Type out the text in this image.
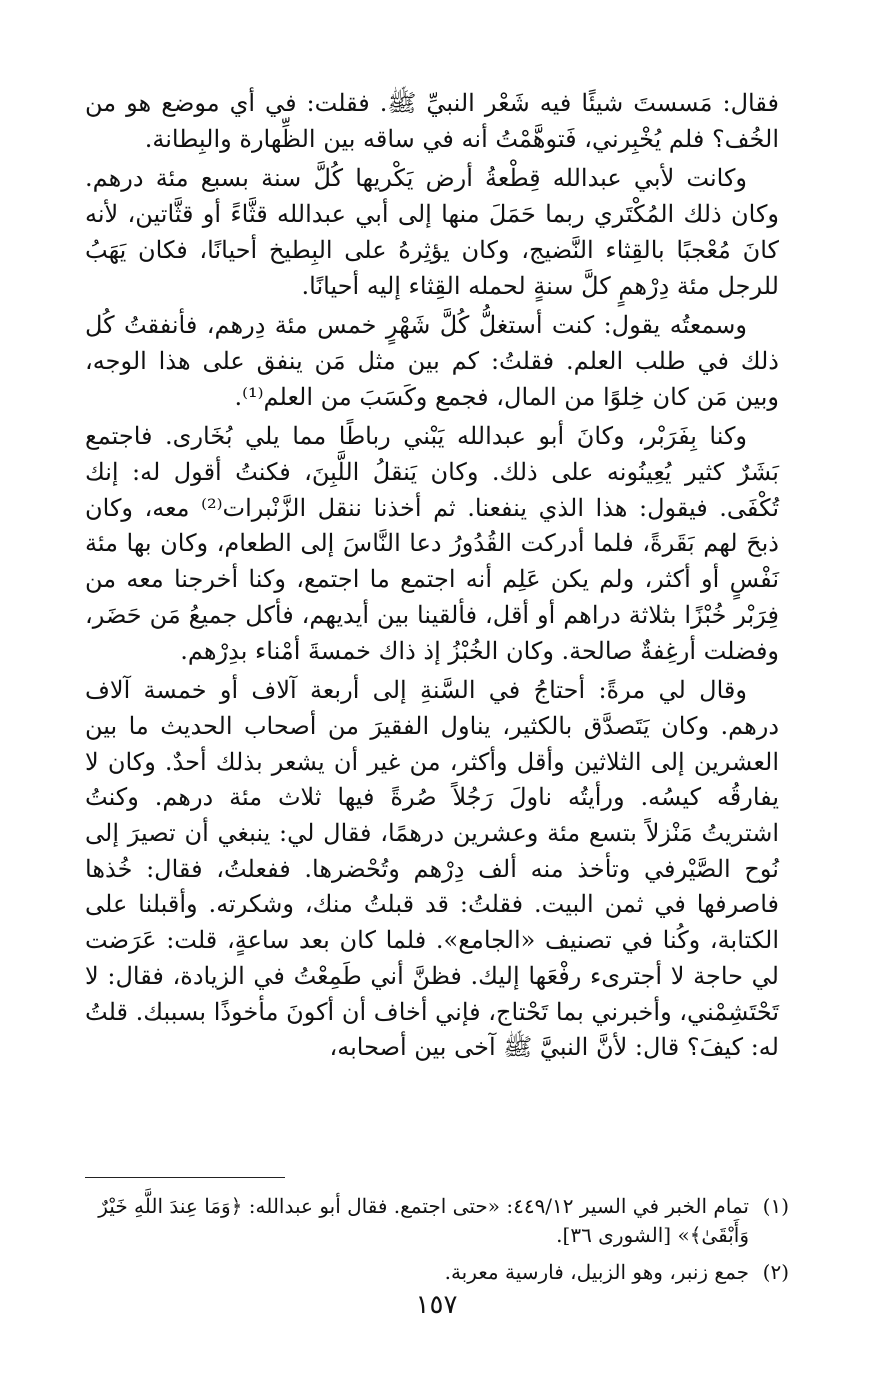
فقال: مَسستَ شيئًا فيه شَعْر النبيِّ ﷺ. فقلت: في أي موضع هو من الخُف؟ فلم يُخْبِرني، فَتوهَّمْتُ أنه في ساقه بين الظِّهارة والبِطانة.

وكانت لأبي عبدالله قِطْعةُ أرض يَكْريها كُلَّ سنة بسبع مئة درهم. وكان ذلك المُكْتَري ربما حَمَلَ منها إلى أبي عبدالله قثَّاءً أو قثَّاتين، لأنه كانَ مُعْجبًا بالقِثاء النَّضيج، وكان يؤثِرهُ على البِطيخ أحيانًا، فكان يَهَبُ للرجل مئة دِرْهمٍ كلَّ سنةٍ لحمله القِثاء إليه أحيانًا.

وسمعتُه يقول: كنت أستغلُّ كُلَّ شَهْرٍ خمس مئة دِرهم، فأنفقتُ كُل ذلك في طلب العلم. فقلتُ: كم بين مثل مَن ينفق على هذا الوجه، وبين مَن كان خِلوًا من المال، فجمع وكَسَبَ من العلم⁽¹⁾.

وكنا بِفَرَبْر، وكانَ أبو عبدالله يَبْني رباطًا مما يلي بُخَارى. فاجتمع بَشَرٌ كثير يُعِينُونه على ذلك. وكان يَنقلُ اللَّبِنَ، فكنتُ أقول له: إنك تُكْفَى. فيقول: هذا الذي ينفعنا. ثم أخذنا ننقل الزَّنْبرات⁽²⁾ معه، وكان ذبحَ لهم بَقَرةً، فلما أدركت القُدُورُ دعا النَّاسَ إلى الطعام، وكان بها مئة نَفْسٍ أو أكثر، ولم يكن عَلِم أنه اجتمع ما اجتمع، وكنا أخرجنا معه من فِرَبْر خُبْزًا بثلاثة دراهم أو أقل، فألقينا بين أيديهم، فأكل جميعُ مَن حَضَر، وفضلت أرغِفةٌ صالحة. وكان الخُبْزُ إذ ذاك خمسةَ أمْناء بدِرْهم.

وقال لي مرةً: أحتاجُ في السَّنةِ إلى أربعة آلاف أو خمسة آلاف درهم. وكان يَتَصدَّق بالكثير، يناول الفقيرَ من أصحاب الحديث ما بين العشرين إلى الثلاثين وأقل وأكثر، من غير أن يشعر بذلك أحدٌ. وكان لا يفارقُه كيسُه. ورأيتُه ناولَ رَجُلاً صُرةً فيها ثلاث مئة درهم. وكنتُ اشتريتُ مَنْزلاً بتسع مئة وعشرين درهمًا، فقال لي: ينبغي أن تصيرَ إلى نُوح الصَّيْرفي وتأخذ منه ألف دِرْهم وتُحْضرها. ففعلتُ، فقال: خُذها فاصرفها في ثمن البيت. فقلتُ: قد قبلتُ منك، وشكرته. وأقبلنا على الكتابة، وكُنا في تصنيف «الجامع». فلما كان بعد ساعةٍ، قلت: عَرَضت لي حاجة لا أجترىء رفْعَها إليك. فظنَّ أني طَمِعْتُ في الزيادة، فقال: لا تَحْتَشِمْني، وأخبرني بما تَحْتاج، فإني أخاف أن أكونَ مأخوذًا بسببك. قلتُ له: كيفَ؟ قال: لأنَّ النبيَّ ﷺ آخى بين أصحابه،

(١)
تمام الخبر في السير ٤٤٩/١٢: «حتى اجتمع. فقال أبو عبدالله: ﴿وَمَا عِندَ اللَّهِ خَيْرٌ وَأَبْقَىٰ﴾» [الشورى ٣٦].
(٢)
جمع زنبر، وهو الزبيل، فارسية معربة.
١٥٧
